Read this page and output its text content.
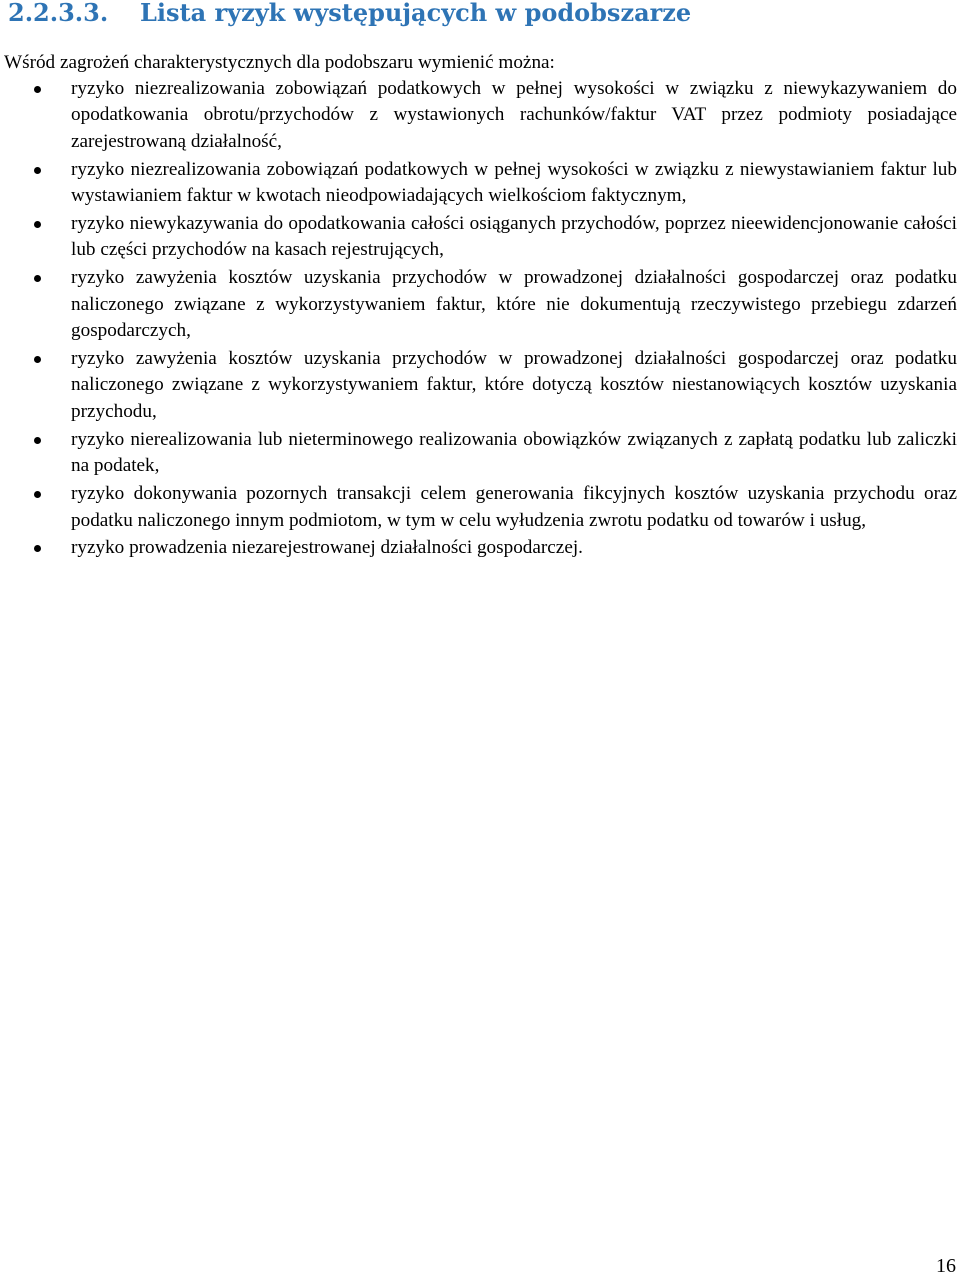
2.2.3.3. Lista ryzyk występujących w podobszarze
Wśród zagrożeń charakterystycznych dla podobszaru wymienić można:
ryzyko niezrealizowania zobowiązań podatkowych w pełnej wysokości w związku z niewykazywaniem do opodatkowania obrotu/przychodów z wystawionych rachunków/faktur VAT przez podmioty posiadające zarejestrowaną działalność,
ryzyko niezrealizowania zobowiązań podatkowych w pełnej wysokości w związku z niewystawianiem faktur lub wystawianiem faktur w kwotach nieodpowiadających wielkościom faktycznym,
ryzyko niewykazywania do opodatkowania całości osiąganych przychodów, poprzez nieewidencjonowanie całości lub części przychodów na kasach rejestrujących,
ryzyko zawyżenia kosztów uzyskania przychodów w prowadzonej działalności gospodarczej oraz podatku naliczonego związane z wykorzystywaniem faktur, które nie dokumentują rzeczywistego przebiegu zdarzeń gospodarczych,
ryzyko zawyżenia kosztów uzyskania przychodów w prowadzonej działalności gospodarczej oraz podatku naliczonego związane z wykorzystywaniem faktur, które dotyczą kosztów niestanowiących kosztów uzyskania przychodu,
ryzyko nierealizowania lub nieterminowego realizowania obowiązków związanych z zapłatą podatku lub zaliczki na podatek,
ryzyko dokonywania pozornych transakcji celem generowania fikcyjnych kosztów uzyskania przychodu oraz podatku naliczonego innym podmiotom, w tym w celu wyłudzenia zwrotu podatku od towarów i usług,
ryzyko prowadzenia niezarejestrowanej działalności gospodarczej.
16
